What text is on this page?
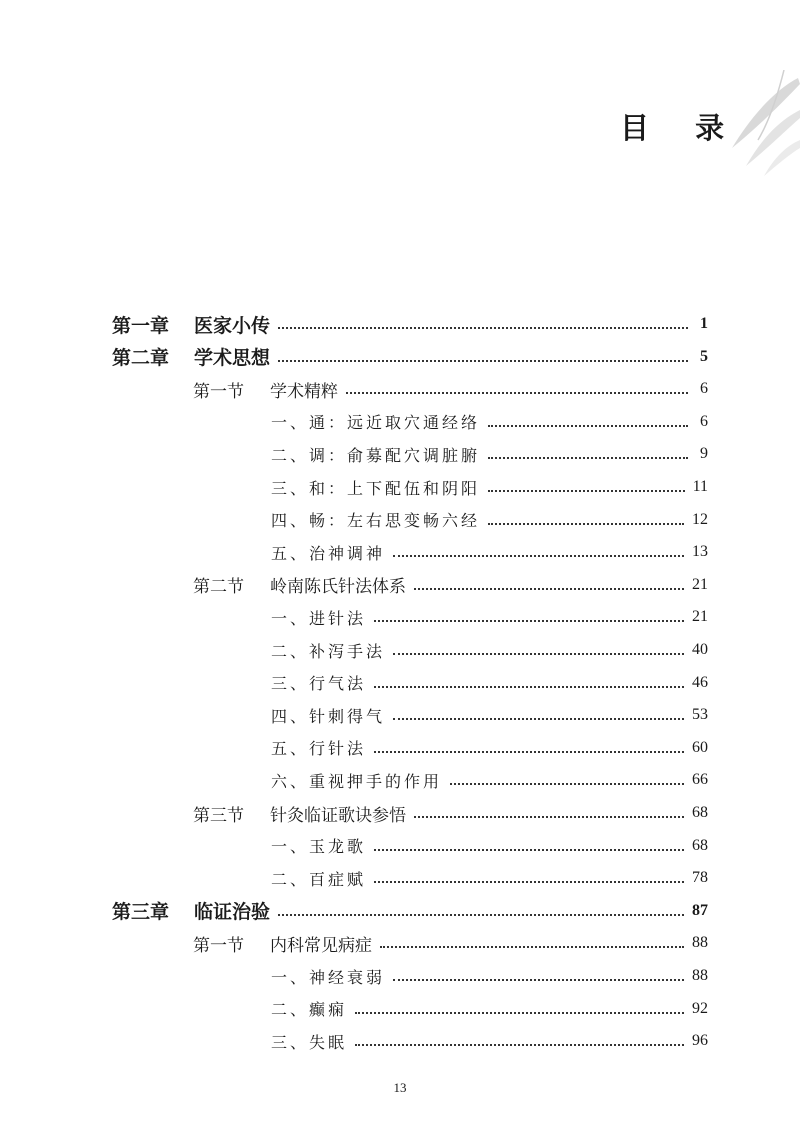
目 录
第一章	医家小传	1
第二章	学术思想	5
第一节	学术精粹	6
一、通：远近取穴通经络	6
二、调：俞募配穴调脏腑	9
三、和：上下配伍和阴阳	11
四、畅：左右思变畅六经	12
五、治神调神	13
第二节	岭南陈氏针法体系	21
一、进针法	21
二、补泻手法	40
三、行气法	46
四、针刺得气	53
五、行针法	60
六、重视押手的作用	66
第三节	针灸临证歌诀参悟	68
一、玉龙歌	68
二、百症赋	78
第三章	临证治验	87
第一节	内科常见病症	88
一、神经衰弱	88
二、癫痫	92
三、失眠	96
13
